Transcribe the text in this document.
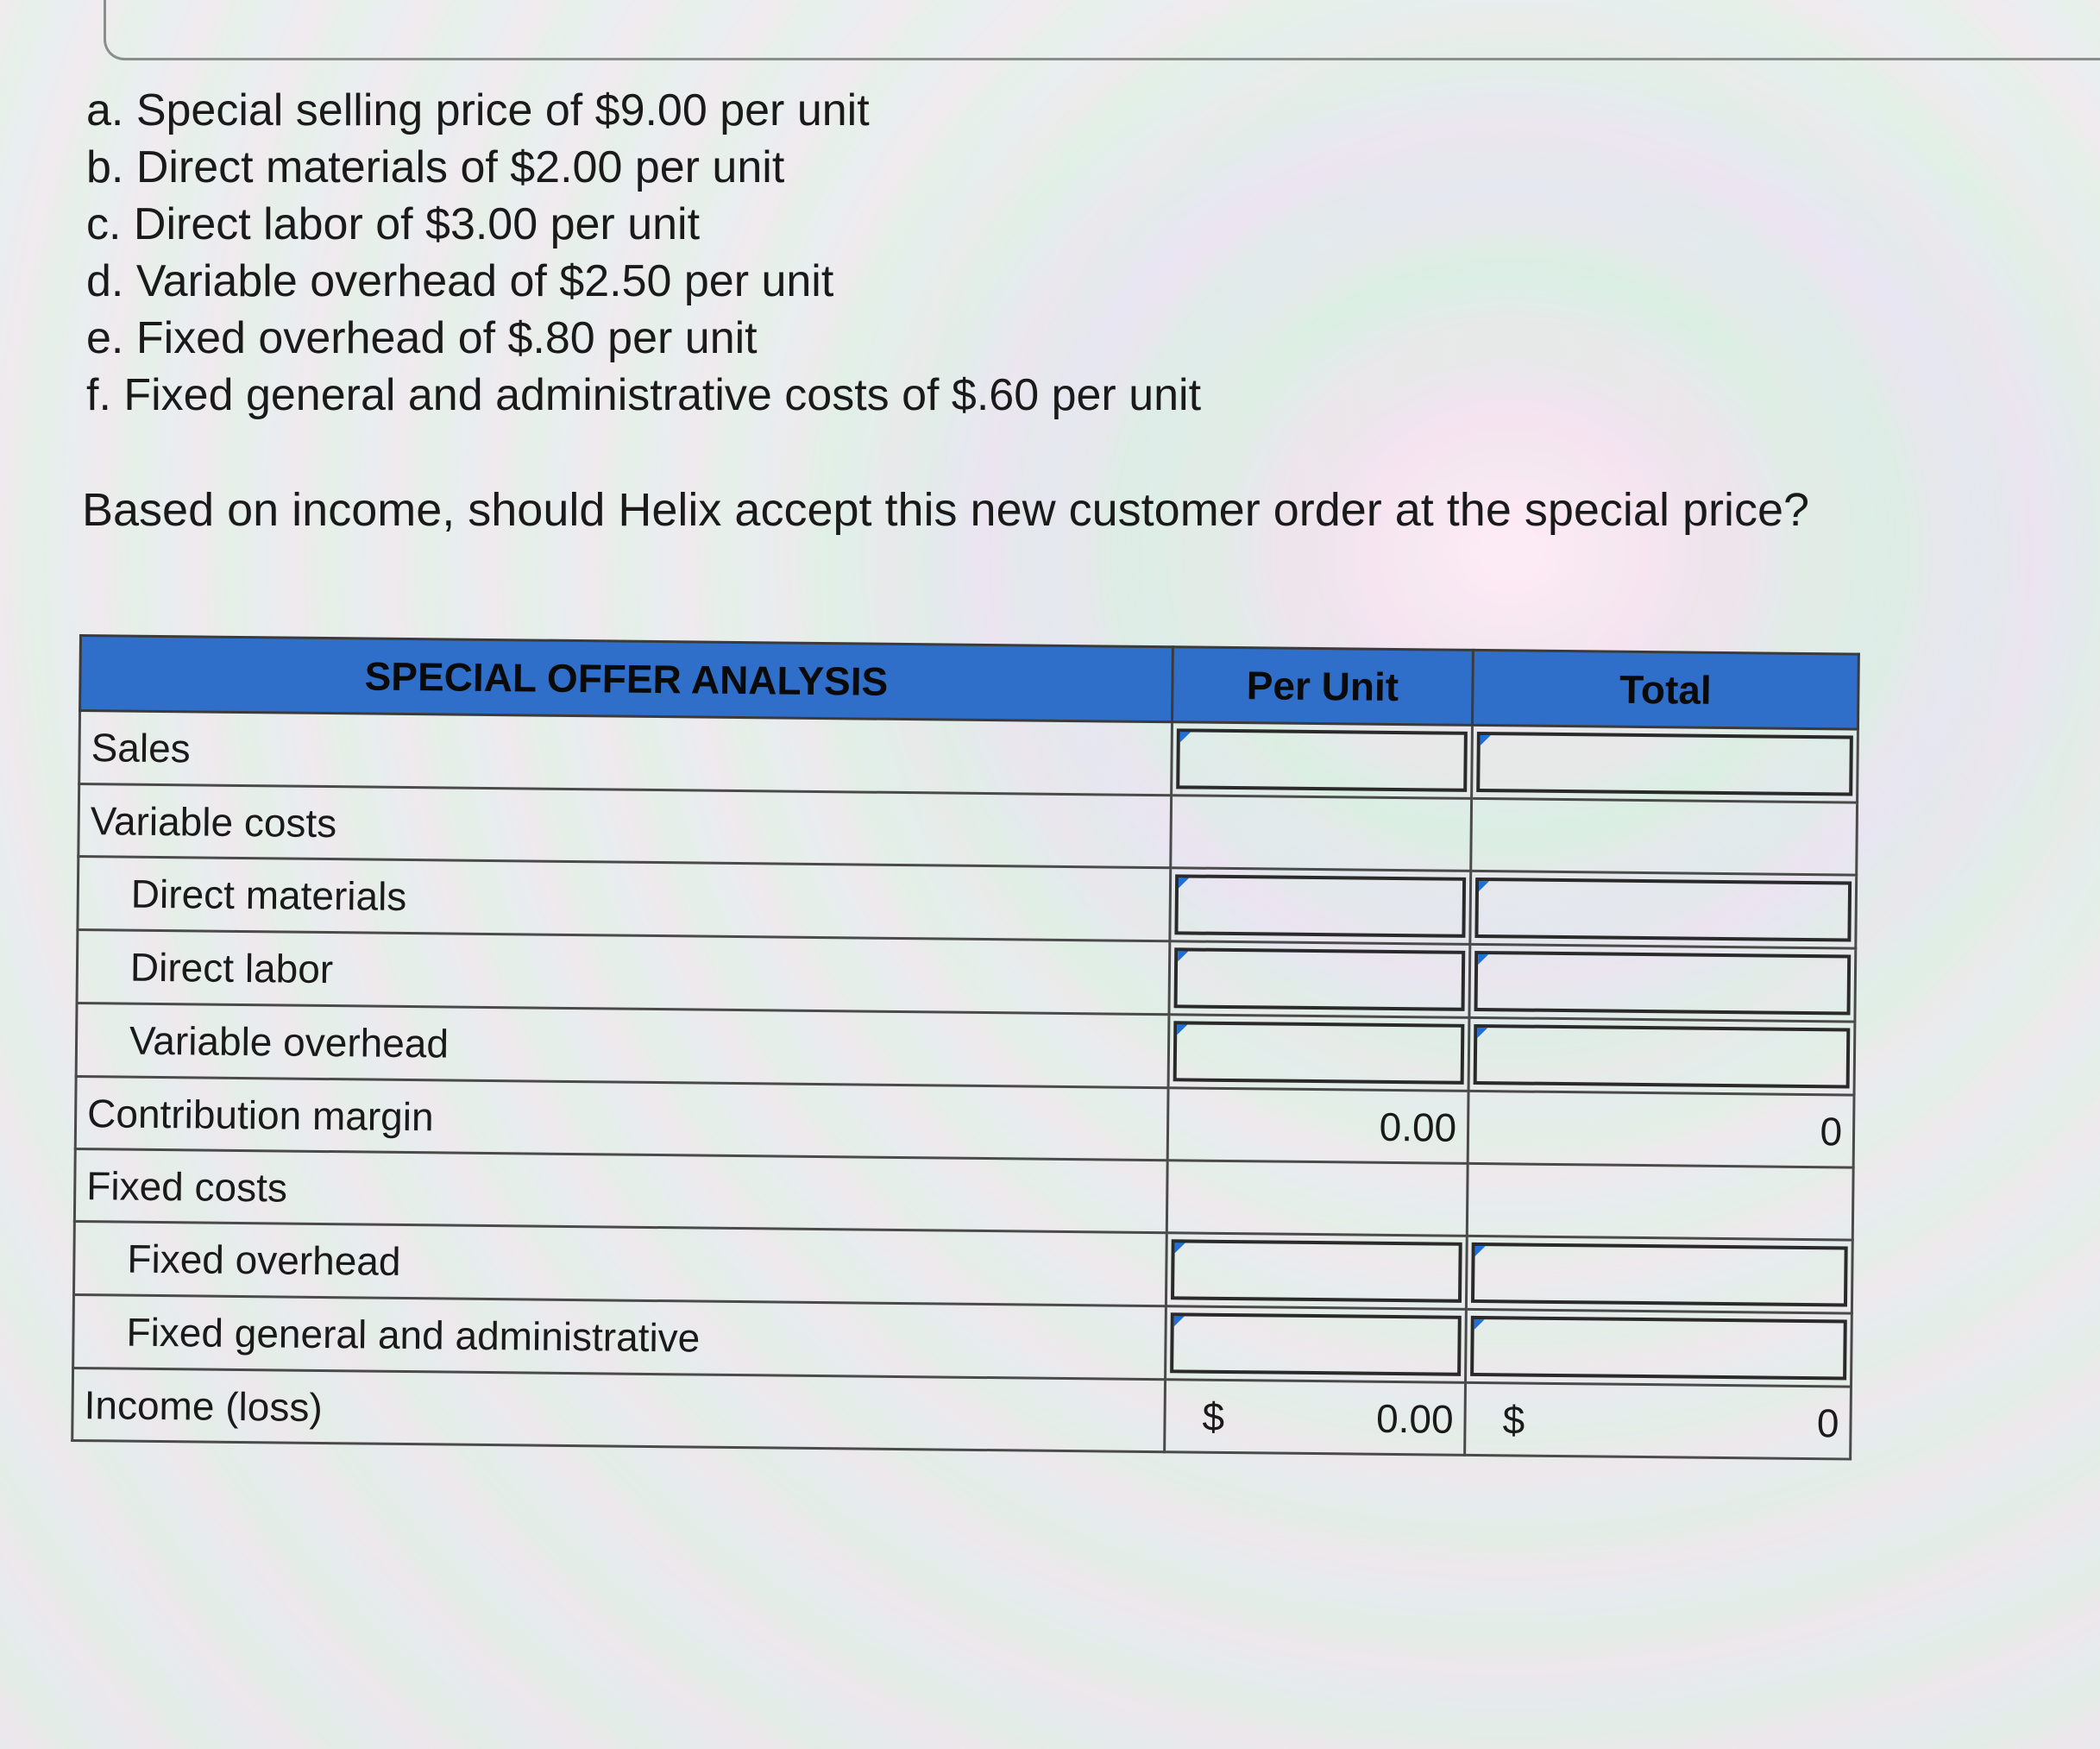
a. Special selling price of $9.00 per unit
b. Direct materials of $2.00 per unit
c. Direct labor of $3.00 per unit
d. Variable overhead of $2.50 per unit
e. Fixed overhead of $.80 per unit
f. Fixed general and administrative costs of $.60 per unit
Based on income, should Helix accept this new customer order at the special price?
SPECIAL OFFER ANALYSIS	Per Unit	Total
Sales	

Variable costs		
Direct materials	

Direct labor	

Variable overhead	

Contribution margin	0.00	0
Fixed costs		
Fixed overhead	

Fixed general and administrative	

Income (loss)	$ 0.00	$ 0
